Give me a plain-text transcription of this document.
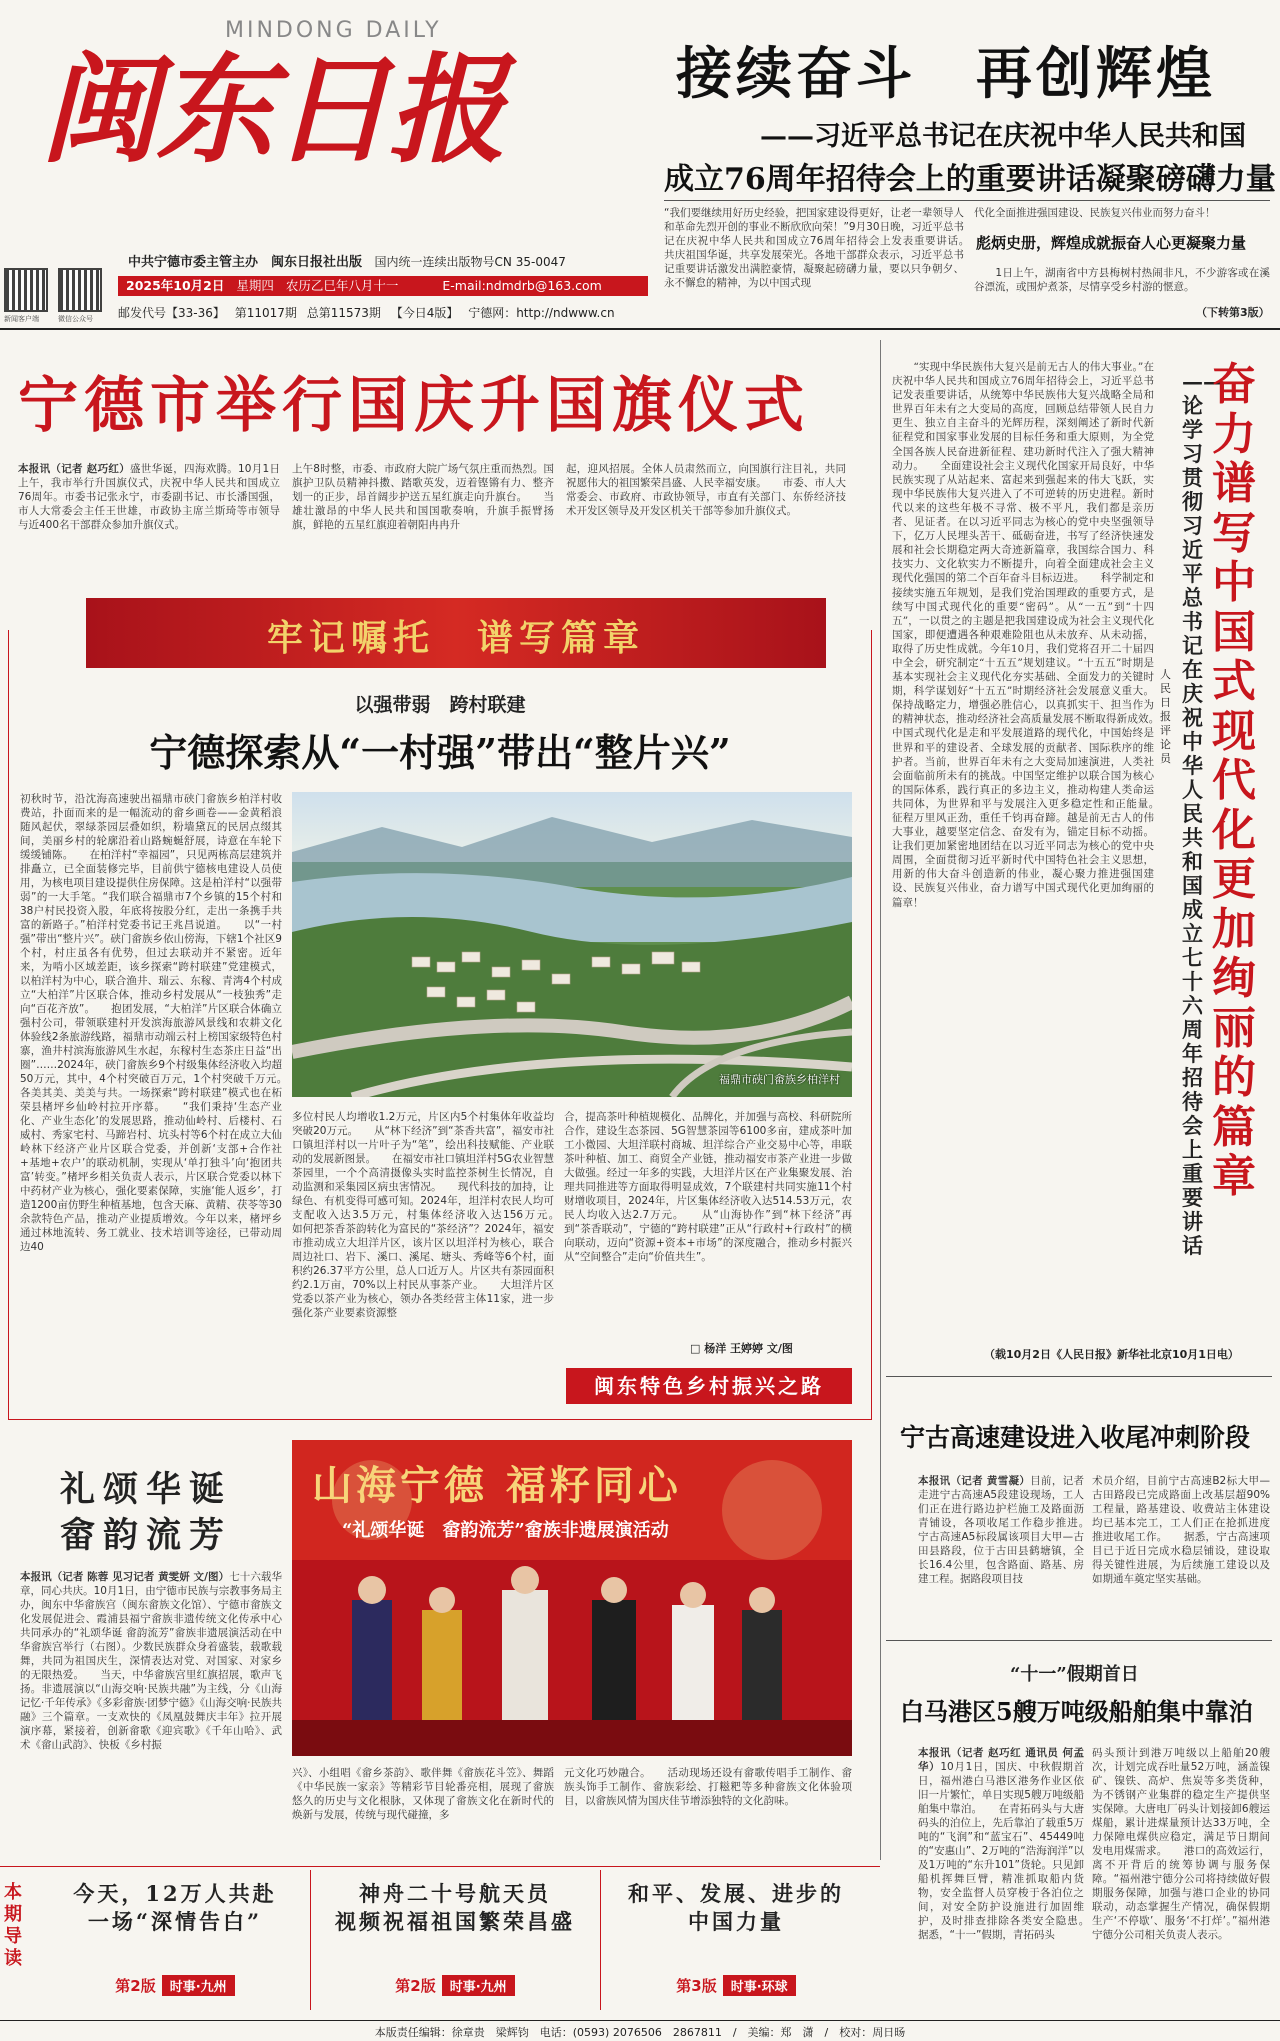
MINDONG DAILY
闽东日报
中共宁德市委主管主办　闽东日报社出版 国内统一连续出版物号CN 35-0047
2025年10月2日 星期四 农历乙巳年八月十一	E-mail:ndmdrb@163.com
邮发代号【33-36】 第11017期 总第11573期 【今日4版】 宁德网：http://ndwww.cn
新闻客户端	微信公众号
接续奋斗　再创辉煌
——习近平总书记在庆祝中华人民共和国
成立76周年招待会上的重要讲话凝聚磅礴力量
“我们要继续用好历史经验，把国家建设得更好，让老一辈领导人和革命先烈开创的事业不断欣欣向荣！”9月30日晚，习近平总书记在庆祝中华人民共和国成立76周年招待会上发表重要讲话。　　共庆祖国华诞，共享发展荣光。各地干部群众表示，习近平总书记重要讲话激发出满腔豪情，凝聚起磅礴力量，要以只争朝夕、永不懈怠的精神，为以中国式现
代化全面推进强国建设、民族复兴伟业而努力奋斗！
彪炳史册，辉煌成就振奋人心更凝聚力量
　　1日上午，湖南省中方县梅树村热闹非凡，不少游客或在溪谷漂流，或围炉煮茶，尽情享受乡村游的惬意。
（下转第3版）
宁德市举行国庆升国旗仪式
本报讯（记者 赵巧红）盛世华诞，四海欢腾。10月1日上午，我市举行升国旗仪式，庆祝中华人民共和国成立76周年。市委书记张永宁，市委副书记、市长潘国强，市人大常委会主任王世雄，市政协主席兰斯琦等市领导与近400名干部群众参加升旗仪式。
上午8时整，市委、市政府大院广场气氛庄重而热烈。国旗护卫队员精神抖擞、踏歌英发，迈着铿锵有力、整齐划一的正步，昂首阔步护送五星红旗走向升旗台。　　当雄壮激昂的中华人民共和国国歌奏响，升旗手振臂扬旗，鲜艳的五星红旗迎着朝阳冉冉升
起，迎风招展。全体人员肃然而立，向国旗行注目礼，共同祝愿伟大的祖国繁荣昌盛、人民幸福安康。　　市委、市人大常委会、市政府、市政协领导，市直有关部门、东侨经济技术开发区领导及开发区机关干部等参加升旗仪式。
牢记嘱托　谱写篇章
以强带弱　跨村联建
宁德探索从“一村强”带出“整片兴”
初秋时节，沿沈海高速驶出福鼎市硖门畲族乡柏洋村收费站，扑面而来的是一幅流动的畲乡画卷——金黄稻浪随风起伏，翠绿茶园层叠如织，粉墙黛瓦的民居点缀其间，美丽乡村的轮廓沿着山路蜿蜒舒展，诗意在车轮下缓缓铺陈。　　在柏洋村“幸福园”，只见两栋高层建筑并排矗立，已全面装修完毕，目前供宁德核电建设人员使用，为核电项目建设提供住房保障。这是柏洋村“以强带弱”的一大手笔。“我们联合福鼎市7个乡镇的15个村和38户村民投资入股，年底将按股分红，走出一条携手共富的新路子。”柏洋村党委书记王兆昌说道。　　以“一村强”带出“整片兴”。硖门畲族乡依山傍海，下辖1个社区9个村，村庄虽各有优势，但过去联动并不紧密。近年来，为啃小区域差距，该乡探索“跨村联建”党建模式，以柏洋村为中心，联合渔井、瑞云、东稼、青湾4个村成立“大柏洋”片区联合体，推动乡村发展从“一枝独秀”走向“百花齐放”。　　抱团发展，“大柏洋”片区联合体确立强村公司，带领联建村开发滨海旅游风景线和农耕文化体验线2条旅游线路，福鼎市动端云村上榜国家级特色村寨，渔井村滨海旅游风生水起，东稼村生态茶庄日益“出圈”……2024年，硖门畲族乡9个村级集体经济收入均超50万元，其中，4个村突破百万元，1个村突破千万元。　　各美其美、美美与共。一场探索“跨村联建”模式也在柘荣县楮坪乡仙岭村拉开序幕。　　“我们秉持‘生态产业化、产业生态化’的发展思路，推动仙岭村、后楼村、石威村、秀家宅村、马蹄岩村、坑头村等6个村在成立大仙岭林下经济产业片区联合党委，并创新‘支部+合作社+基地+农户’的联动机制，实现从‘单打独斗’向‘抱团共富’转变。”楮坪乡相关负责人表示，片区联合党委以林下中药材产业为核心，强化要素保障，实施‘能人返乡’，打造1200亩仿野生种植基地，包含天麻、黄精、茯苓等30余款特色产品，推动产业提质增效。今年以来，楮坪乡通过林地流转、务工就业、技术培训等途径，已带动周边40
福鼎市硖门畲族乡柏洋村
多位村民人均增收1.2万元，片区内5个村集体年收益均突破20万元。　　从“林下经济”到“茶香共富”，福安市社口镇坦洋村以一片叶子为“笔”，绘出科技赋能、产业联动的发展新图景。　　在福安市社口镇坦洋村5G农业智慧茶园里，一个个高清摄像头实时监控茶树生长情况，自动监测和采集园区病虫害情况。　　现代科技的加持，让绿色、有机变得可感可知。2024年，坦洋村农民人均可支配收入达3.5万元，村集体经济收入达156万元。　　如何把茶香茶韵转化为富民的“茶经济”？2024年，福安市推动成立大坦洋片区，该片区以坦洋村为核心，联合周边社口、岩下、溪口、溪尾、塘头、秀峰等6个村，面积约26.37平方公里，总人口近万人。片区共有茶园面积约2.1万亩，70%以上村民从事茶产业。　　大坦洋片区党委以茶产业为核心，领办各类经营主体11家，进一步强化茶产业要素资源整
合，提高茶叶种植规模化、品牌化，并加强与高校、科研院所合作，建设生态茶园、5G智慧茶园等6100多亩，建成茶叶加工小微园、大坦洋联村商城、坦洋综合产业交易中心等，串联茶叶种植、加工、商贸全产业链，推动福安市茶产业进一步做大做强。经过一年多的实践，大坦洋片区在产业集聚发展、治理共同推进等方面取得明显成效，7个联建村共同实施11个村财增收项目，2024年，片区集体经济收入达514.53万元，农民人均收入达2.7万元。　　从“山海协作”到“林下经济”再到“茶香联动”，宁德的“跨村联建”正从“行政村+行政村”的横向联动，迈向“资源+资本+市场”的深度融合，推动乡村振兴从“空间整合”走向“价值共生”。
□ 杨洋 王婷婷 文/图
闽东特色乡村振兴之路
礼颂华诞
畲韵流芳
本报讯（记者 陈蓉 见习记者 黄雯妍 文/图）七十六载华章，同心共庆。10月1日，由宁德市民族与宗教事务局主办，闽东中华畲族宫（闽东畲族文化馆）、宁德市畲族文化发展促进会、霞浦县福宁畲族非遗传统文化传承中心共同承办的“礼颂华诞 畲韵流芳”畲族非遗展演活动在中华畲族宫举行（右图）。少数民族群众身着盛装，载歌载舞，共同为祖国庆生，深情表达对党、对国家、对家乡的无限热爱。　　当天，中华畲族宫里红旗招展，歌声飞扬。非遗展演以“山海交响·民族共融”为主线，分《山海记忆·千年传承》《多彩畲族·团梦宁德》《山海交响·民族共融》三个篇章。一支欢快的《凤凰鼓舞庆丰年》拉开展演序幕，紧接着，创新畲歌《迎宾歌》《千年山哈》、武术《畲山武韵》、快板《乡村振
山海宁德 福籽同心
“礼颂华诞　畲韵流芳”畲族非遗展演活动
兴》、小组唱《畲乡茶韵》、歌伴舞《畲族花斗笠》、舞蹈《中华民族一家亲》等精彩节目轮番亮相，展现了畲族悠久的历史与文化根脉，又体现了畲族文化在新时代的焕新与发展，传统与现代碰撞，多
元文化巧妙融合。　　活动现场还设有畲歌传唱手工制作、畲族头饰手工制作、畲族彩绘、打糍粑等多种畲族文化体验项目，以畲族风情为国庆佳节增添独特的文化韵味。
　　“实现中华民族伟大复兴是前无古人的伟大事业。”在庆祝中华人民共和国成立76周年招待会上，习近平总书记发表重要讲话，从统筹中华民族伟大复兴战略全局和世界百年未有之大变局的高度，回顾总结带领人民自力更生、独立自主奋斗的光辉历程，深刻阐述了新时代新征程党和国家事业发展的目标任务和重大原则，为全党全国各族人民奋进新征程、建功新时代注入了强大精神动力。　　全面建设社会主义现代化国家开局良好，中华民族实现了从站起来、富起来到强起来的伟大飞跃，实现中华民族伟大复兴进入了不可逆转的历史进程。新时代以来的这些年极不寻常、极不平凡，我们都是亲历者、见证者。在以习近平同志为核心的党中央坚强领导下，亿万人民埋头苦干、砥砺奋进，书写了经济快速发展和社会长期稳定两大奇迹新篇章，我国综合国力、科技实力、文化软实力不断提升，向着全面建成社会主义现代化强国的第二个百年奋斗目标迈进。　　科学制定和接续实施五年规划，是我们党治国理政的重要方式，是续写中国式现代化的重要“密码”。从“一五”到“十四五”，一以贯之的主题是把我国建设成为社会主义现代化国家，即便遭遇各种艰难险阻也从未放弃、从未动摇，取得了历史性成就。今年10月，我们党将召开二十届四中全会，研究制定“十五五”规划建议。“十五五”时期是基本实现社会主义现代化夯实基础、全面发力的关键时期，科学谋划好“十五五”时期经济社会发展意义重大。保持战略定力，增强必胜信心，以真抓实干、担当作为的精神状态，推动经济社会高质量发展不断取得新成效。　　中国式现代化是走和平发展道路的现代化，中国始终是世界和平的建设者、全球发展的贡献者、国际秩序的维护者。当前，世界百年未有之大变局加速演进，人类社会面临前所未有的挑战。中国坚定维护以联合国为核心的国际体系，践行真正的多边主义，推动构建人类命运共同体，为世界和平与发展注入更多稳定性和正能量。　　征程万里风正劲，重任千钧再奋蹄。越是前无古人的伟大事业，越要坚定信念、奋发有为，锚定目标不动摇。让我们更加紧密地团结在以习近平同志为核心的党中央周围，全面贯彻习近平新时代中国特色社会主义思想，用新的伟大奋斗创造新的伟业，凝心聚力推进强国建设、民族复兴伟业，奋力谱写中国式现代化更加绚丽的篇章！
人民日报评论员
——论学习贯彻习近平总书记在庆祝中华人民共和国成立七十六周年招待会上重要讲话
奋力谱写中国式现代化更加绚丽的篇章
（载10月2日《人民日报》新华社北京10月1日电）
宁古高速建设进入收尾冲刺阶段
本报讯（记者 黄雪凝）目前，记者走进宁古高速A5段建设现场，工人们正在进行路边护栏施工及路面沥青铺设，各项收尾工作稳步推进。　　宁古高速A5标段属该项目大甲—古田县路段，位于古田县鹤塘镇，全长16.4公里，包含路面、路基、房建工程。据路段项目技
术员介绍，目前宁古高速B2标大甲—古田路段已完成路面上改基层超90%工程量，路基建设、收费站主体建设均已基本完工，工人们正在抢抓进度推进收尾工作。　　据悉，宁古高速项目已于近日完成水稳层铺设，建设取得关键性进展，为后续施工建设以及如期通车奠定坚实基础。
“十一”假期首日
白马港区5艘万吨级船舶集中靠泊
本报讯（记者 赵巧红 通讯员 何孟华）10月1日，国庆、中秋假期首日，福州港白马港区港务作业区依旧一片繁忙，单日实现5艘万吨级船舶集中靠泊。　　在青拓码头与大唐码头的泊位上，先后靠泊了载重5万吨的“飞润”和“蓝宝石”、45449吨的“安惠山”、2万吨的“浩海润洋”以及1万吨的“东升101”货轮。只见卸船机挥舞巨臂，精准抓取船内货物，安全监督人员穿梭于各泊位之间，对安全防护设施进行加固维护，及时排查排除各类安全隐患。　　据悉，“十一”假期，青拓码头
码头预计到港万吨级以上船舶20艘次，计划完成吞吐量52万吨，涵盖镍矿、镍铁、高炉、焦炭等多类货种，为不锈钢产业集群的稳定生产提供坚实保障。大唐电厂码头计划接卸6艘运煤船，累计进煤量预计达33万吨，全力保障电煤供应稳定，满足节日期间发电用煤需求。　　港口的高效运行，离不开背后的统筹协调与服务保障。“福州港宁德分公司将持续做好假期服务保障，加强与港口企业的协同联动，动态掌握生产情况，确保假期生产‘不停歇’、服务‘不打烊’。”福州港宁德分公司相关负责人表示。
本期导读
今天，12万人共赴
一场“深情告白”
第2版 时事·九州
神舟二十号航天员
视频祝福祖国繁荣昌盛
第2版 时事·九州
和平、发展、进步的
中国力量
第3版 时事·环球
本版责任编辑：徐章贵　梁辉钧　电话：(0593) 2076506　2867811　/　美编：郑　潇　/　校对：周日旸
